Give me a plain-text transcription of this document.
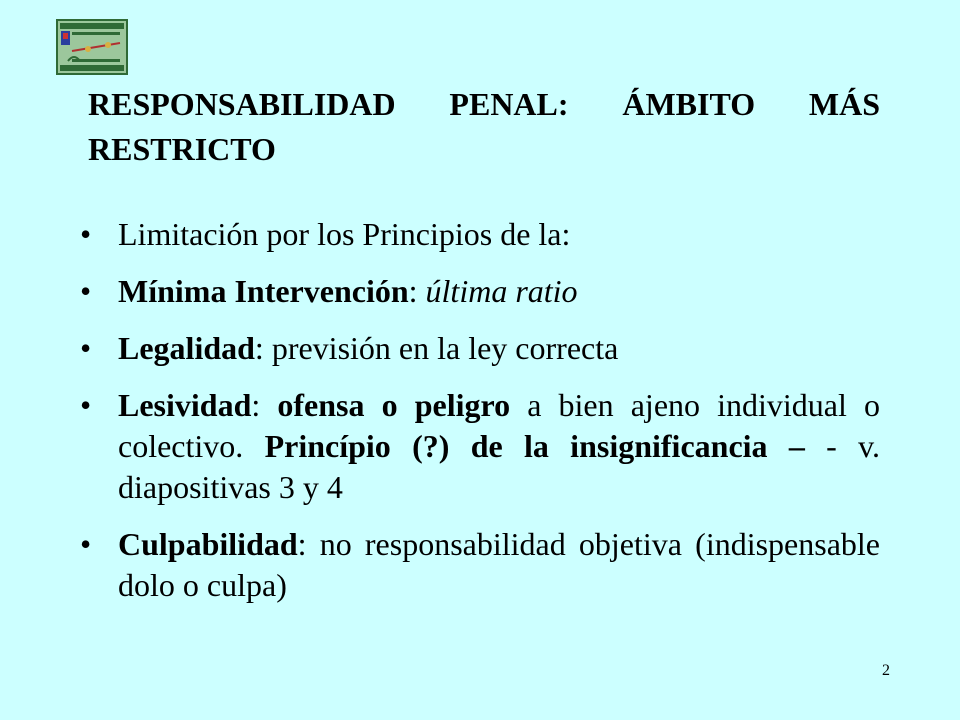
RESPONSABILIDAD PENAL: ÁMBITO MÁS RESTRICTO
• Limitación por los Principios de la:
• Mínima Intervención: última ratio
• Legalidad: previsión en la ley correcta
• Lesividad: ofensa o peligro a bien ajeno individual o colectivo. Princípio (?) de la insignificancia – - v. diapositivas 3 y 4
• Culpabilidad: no responsabilidad objetiva (indispensable dolo o culpa)
2
